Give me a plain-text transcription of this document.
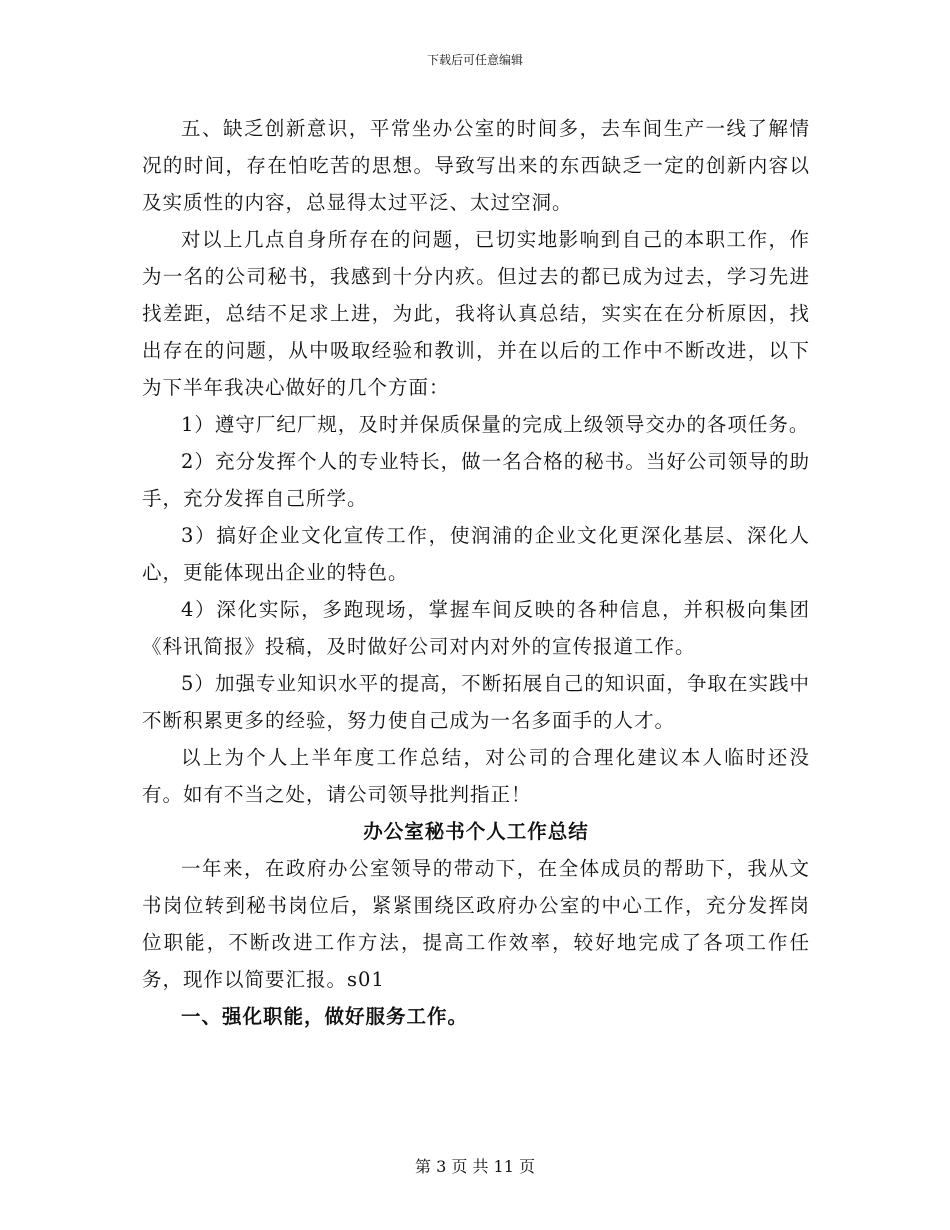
下载后可任意编辑

五、缺乏创新意识，平常坐办公室的时间多，去车间生产一线了解情况的时间，存在怕吃苦的思想。导致写出来的东西缺乏一定的创新内容以及实质性的内容，总显得太过平泛、太过空洞。

对以上几点自身所存在的问题，已切实地影响到自己的本职工作，作为一名的公司秘书，我感到十分内疚。但过去的都已成为过去，学习先进找差距，总结不足求上进，为此，我将认真总结，实实在在分析原因，找出存在的问题，从中吸取经验和教训，并在以后的工作中不断改进，以下为下半年我决心做好的几个方面：

1）遵守厂纪厂规，及时并保质保量的完成上级领导交办的各项任务。

2）充分发挥个人的专业特长，做一名合格的秘书。当好公司领导的助手，充分发挥自己所学。

3）搞好企业文化宣传工作，使润浦的企业文化更深化基层、深化人心，更能体现出企业的特色。

4）深化实际，多跑现场，掌握车间反映的各种信息，并积极向集团《科讯简报》投稿，及时做好公司对内对外的宣传报道工作。

5）加强专业知识水平的提高，不断拓展自己的知识面，争取在实践中不断积累更多的经验，努力使自己成为一名多面手的人才。

以上为个人上半年度工作总结，对公司的合理化建议本人临时还没有。如有不当之处，请公司领导批判指正！

办公室秘书个人工作总结

一年来，在政府办公室领导的带动下，在全体成员的帮助下，我从文书岗位转到秘书岗位后，紧紧围绕区政府办公室的中心工作，充分发挥岗位职能，不断改进工作方法，提高工作效率，较好地完成了各项工作任务，现作以简要汇报。s01

一、强化职能，做好服务工作。

第 3 页 共 11 页
